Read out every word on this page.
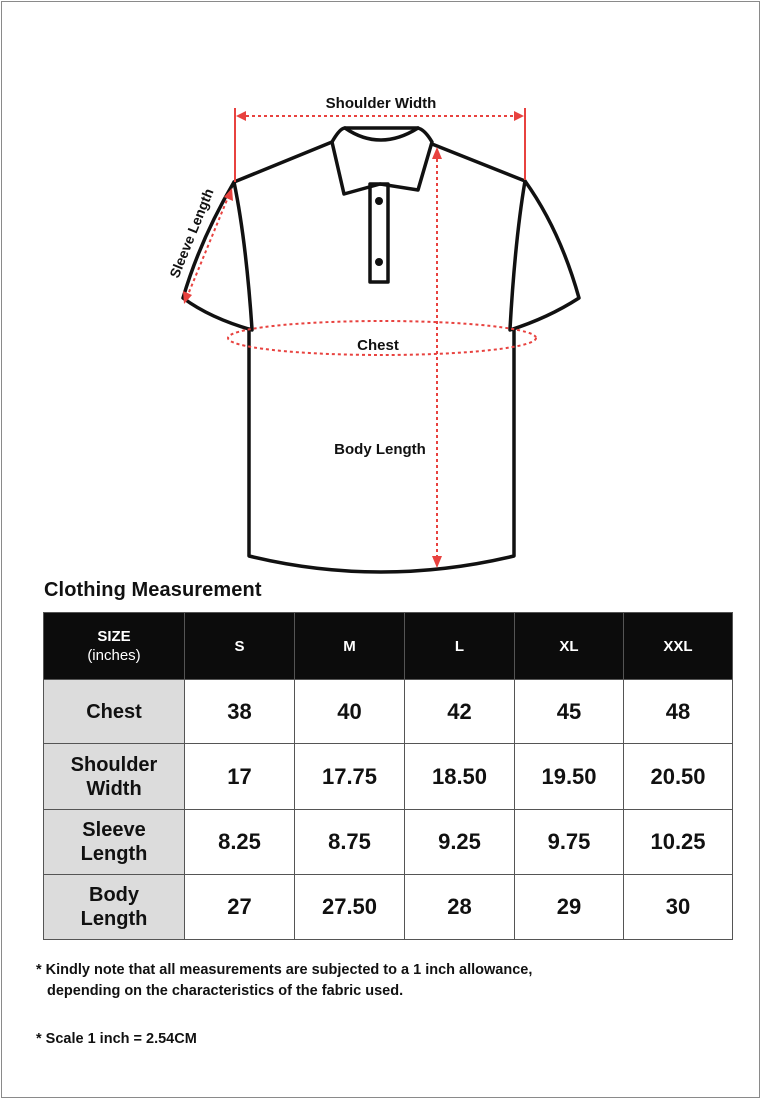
Shoulder Width
Chest
Body Length
Sleeve Length
Clothing Measurement
SIZE
(inches)	S	M	L	XL	XXL
Chest	38	40	42	45	48
Shoulder
Width	17	17.75	18.50	19.50	20.50
Sleeve
Length	8.25	8.75	9.25	9.75	10.25
Body
Length	27	27.50	28	29	30
* Kindly note that all measurements are subjected to a 1 inch allowance,
depending on the characteristics of the fabric used.
* Scale 1 inch = 2.54CM
